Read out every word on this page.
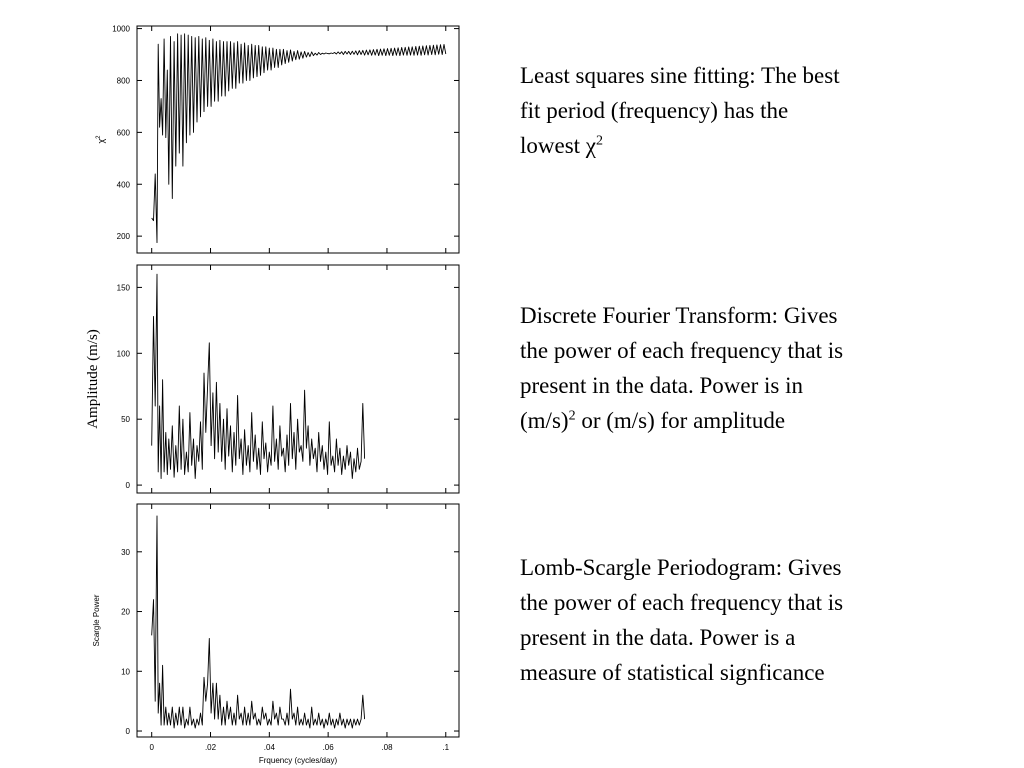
200
400
600
800
1000
$\chi^2$
0
50
100
150
Amplitude (m/s)
0
10
20
30
0	.02	.04	.06	.08	.1
Scargle Power
Frquency (cycles/day)
Least squares sine fitting: The best
fit period (frequency) has the
lowest $\chi^2$
Discrete Fourier Transform: Gives
the power of each frequency that is
present in the data. Power is in
$(m/s)^2$ or (m/s) for amplitude
Lomb-Scargle Periodogram: Gives
the power of each frequency that is
present in the data. Power is a
measure of statistical signficance
